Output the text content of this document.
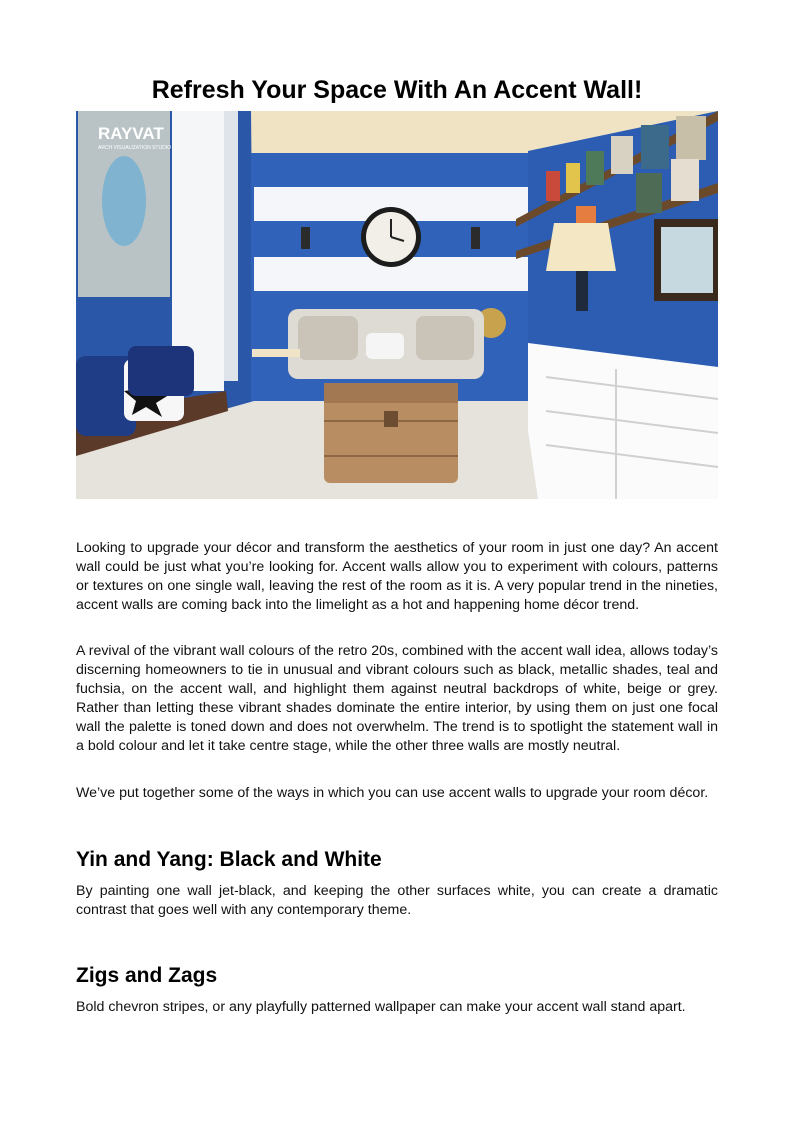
Refresh Your Space With An Accent Wall!
RAYVAT
ARCH VISUALIZATION STUDIO

Looking to upgrade your décor and transform the aesthetics of your room in just one day? An accent wall could be just what you’re looking for. Accent walls allow you to experiment with colours, patterns or textures on one single wall, leaving the rest of the room as it is. A very popular trend in the nineties, accent walls are coming back into the limelight as a hot and happening home décor trend.

A revival of the vibrant wall colours of the retro 20s, combined with the accent wall idea, allows today’s discerning homeowners to tie in unusual and vibrant colours such as black, metallic shades, teal and fuchsia, on the accent wall, and highlight them against neutral backdrops of white, beige or grey. Rather than letting these vibrant shades dominate the entire interior, by using them on just one focal wall the palette is toned down and does not overwhelm. The trend is to spotlight the statement wall in a bold colour and let it take centre stage, while the other three walls are mostly neutral.

We’ve put together some of the ways in which you can use accent walls to upgrade your room décor.

Yin and Yang: Black and White

By painting one wall jet-black, and keeping the other surfaces white, you can create a dramatic contrast that goes well with any contemporary theme.

Zigs and Zags

Bold chevron stripes, or any playfully patterned wallpaper can make your accent wall stand apart.
